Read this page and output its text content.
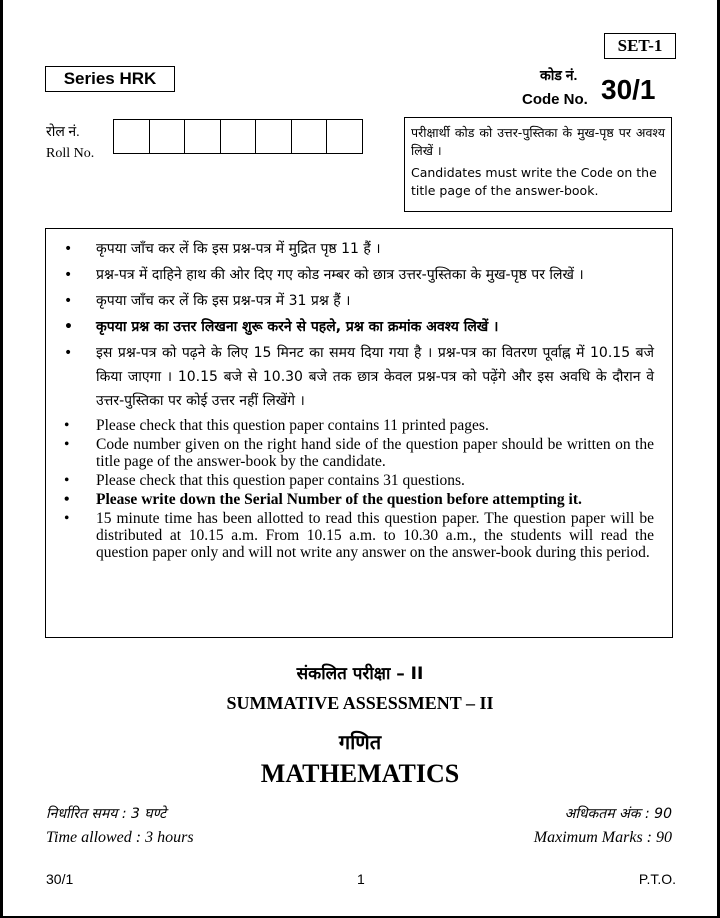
SET-1
Series HRK	कोड नं.
Code No. 30/1
रोल नं.
Roll No.
परीक्षार्थी कोड को उत्तर-पुस्तिका के मुख-पृष्ठ पर अवश्य लिखें ।
Candidates must write the Code on the title page of the answer-book.
• कृपया जाँच कर लें कि इस प्रश्न-पत्र में मुद्रित पृष्ठ 11 हैं ।
• प्रश्न-पत्र में दाहिने हाथ की ओर दिए गए कोड नम्बर को छात्र उत्तर-पुस्तिका के मुख-पृष्ठ पर लिखें ।
• कृपया जाँच कर लें कि इस प्रश्न-पत्र में 31 प्रश्न हैं ।
• कृपया प्रश्न का उत्तर लिखना शुरू करने से पहले, प्रश्न का क्रमांक अवश्य लिखें ।
• इस प्रश्न-पत्र को पढ़ने के लिए 15 मिनट का समय दिया गया है । प्रश्न-पत्र का वितरण पूर्वाह्न में 10.15 बजे किया जाएगा । 10.15 बजे से 10.30 बजे तक छात्र केवल प्रश्न-पत्र को पढ़ेंगे और इस अवधि के दौरान वे उत्तर-पुस्तिका पर कोई उत्तर नहीं लिखेंगे ।
• Please check that this question paper contains 11 printed pages.
• Code number given on the right hand side of the question paper should be written on the title page of the answer-book by the candidate.
• Please check that this question paper contains 31 questions.
• Please write down the Serial Number of the question before attempting it.
• 15 minute time has been allotted to read this question paper. The question paper will be distributed at 10.15 a.m. From 10.15 a.m. to 10.30 a.m., the students will read the question paper only and will not write any answer on the answer-book during this period.
संकलित परीक्षा – II
SUMMATIVE ASSESSMENT – II
गणित
MATHEMATICS
निर्धारित समय : 3 घण्टे
Time allowed : 3 hours
अधिकतम अंक : 90
Maximum Marks : 90
30/1	1	P.T.O.
